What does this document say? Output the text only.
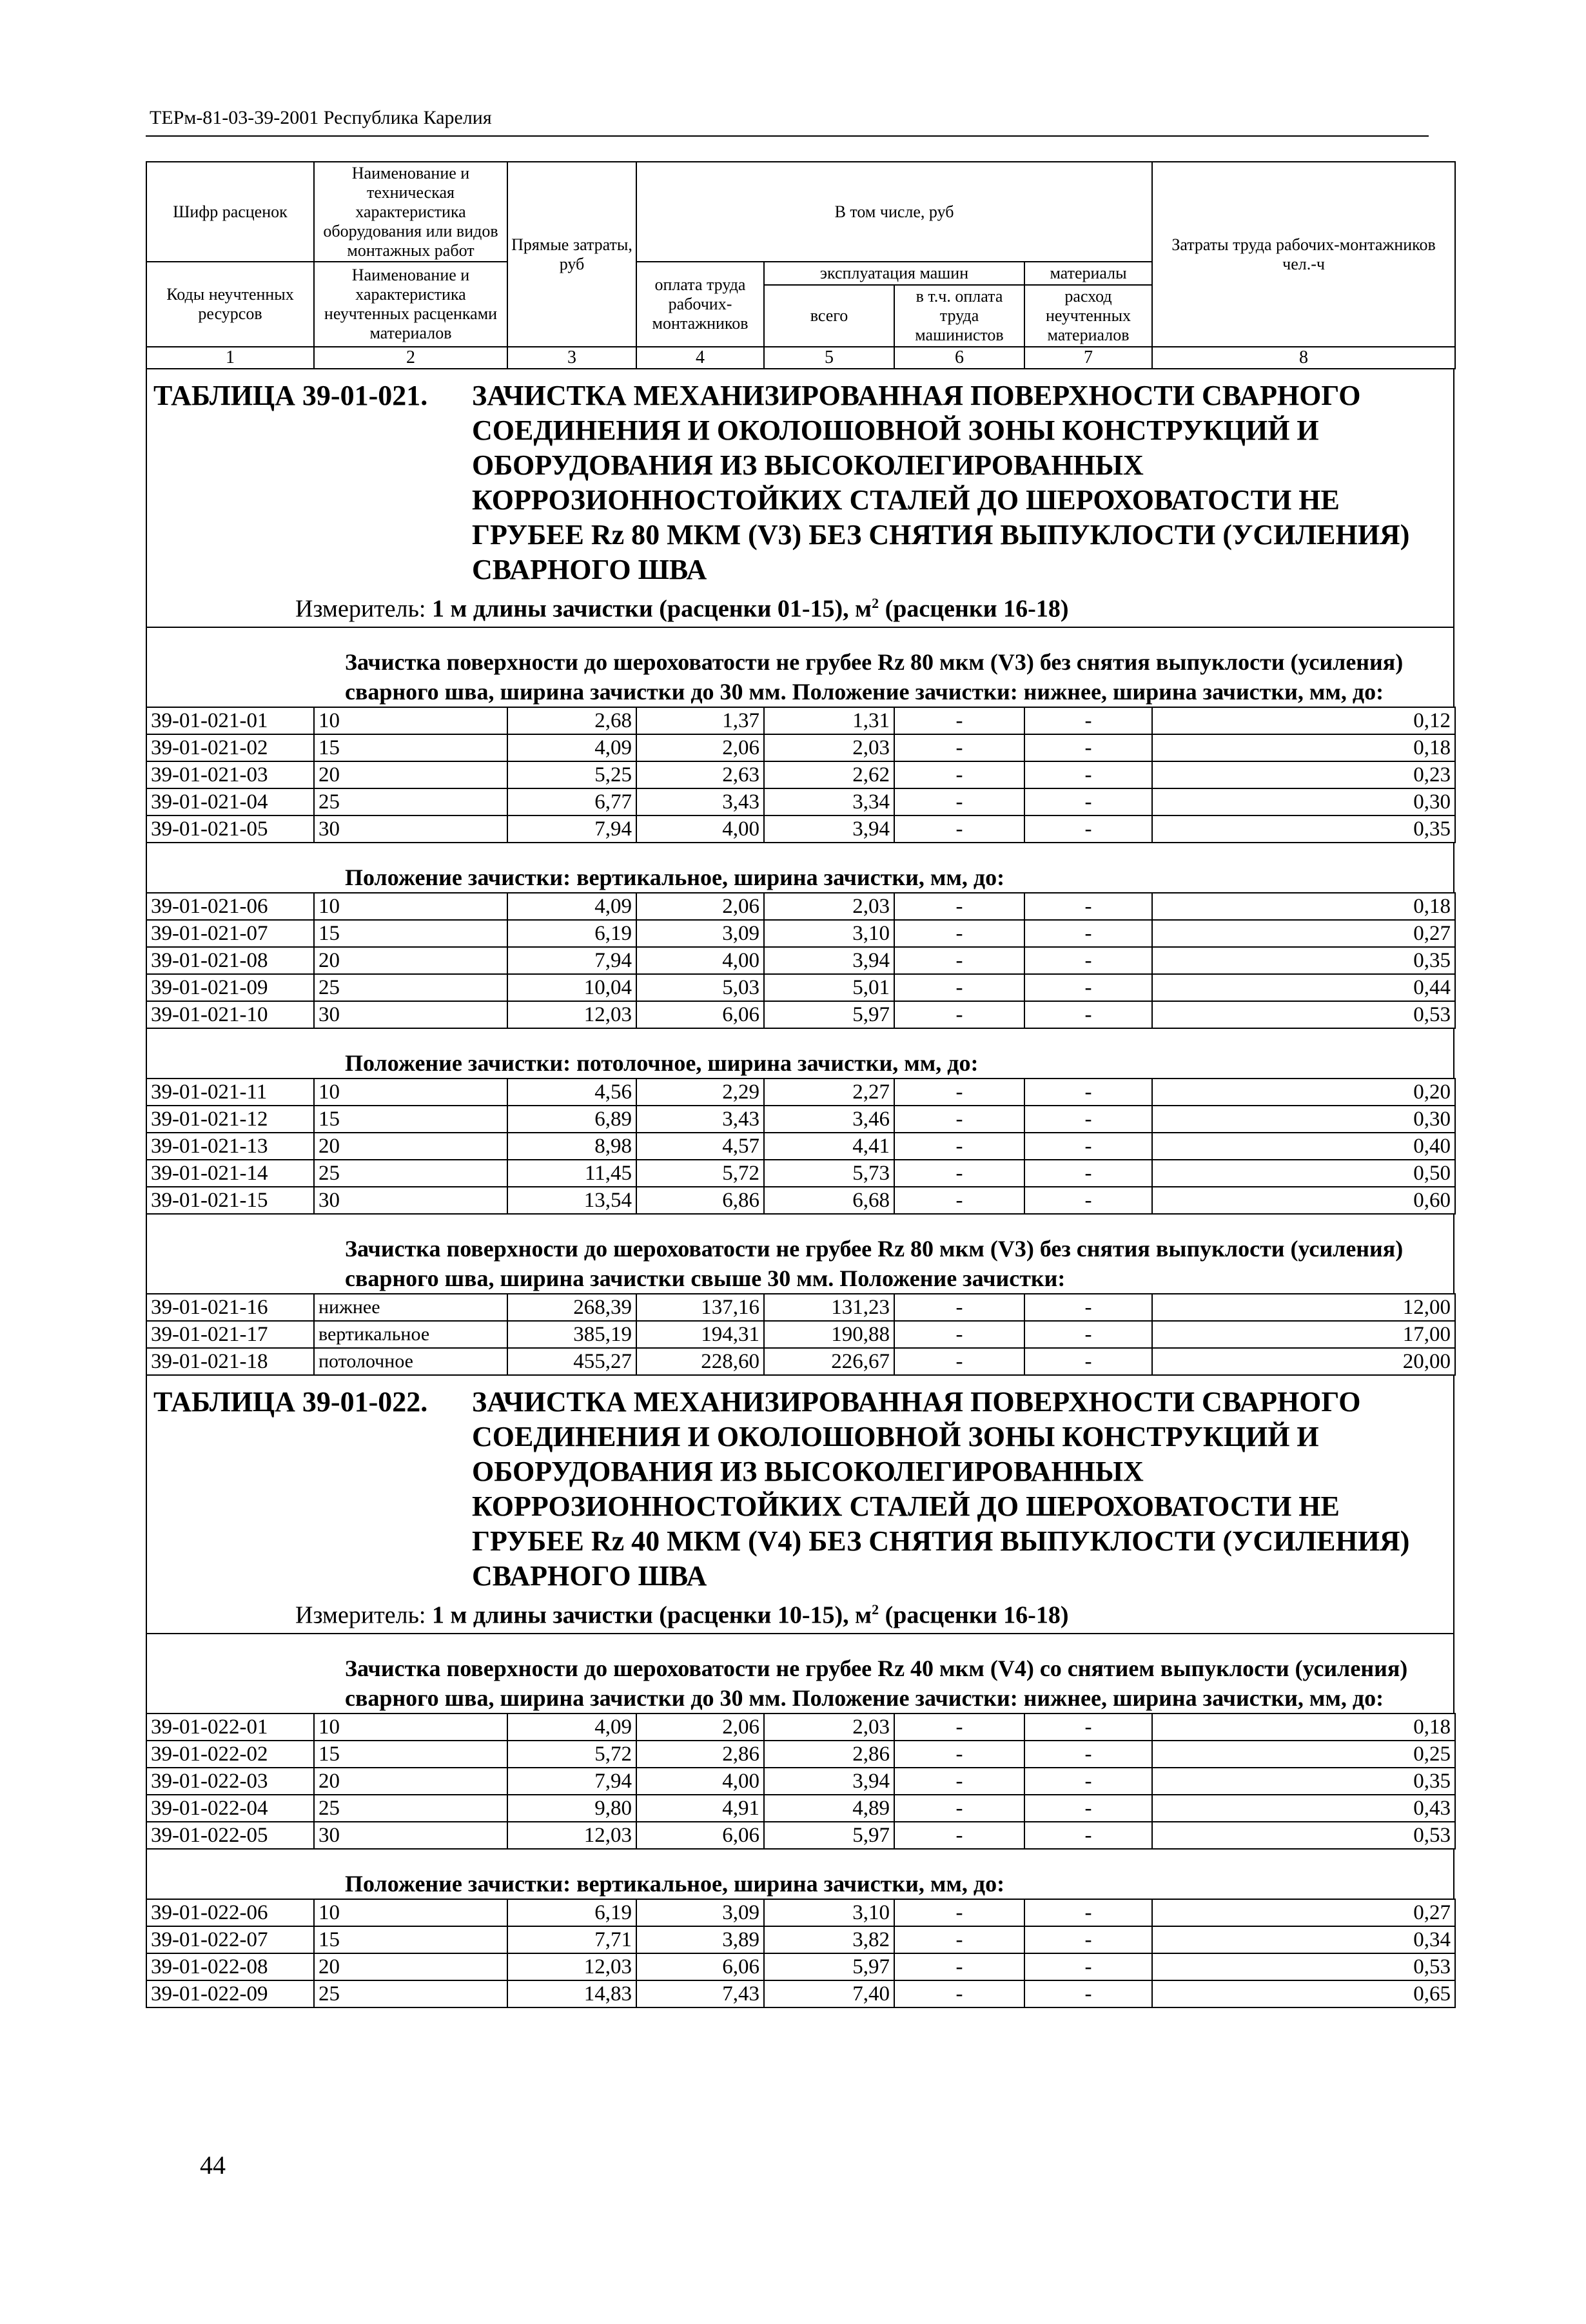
ТЕРм-81-03-39-2001 Республика Карелия
Шифр расценок	Наименование и техническая характеристика оборудования или видов монтажных работ	Прямые затраты, руб	В том числе, руб				Затраты труда рабочих-монтажников чел.-ч
Коды неучтенных ресурсов	Наименование и характеристика неучтенных расценками материалов		оплата труда рабочих-монтажников	эксплуатация машин		материалы	
				всего	в т.ч. оплата труда машинистов	расход неучтенных материалов	
1	2	3	4	5	6	7	8
ТАБЛИЦА 39-01-021. ЗАЧИСТКА МЕХАНИЗИРОВАННАЯ ПОВЕРХНОСТИ СВАРНОГО СОЕДИНЕНИЯ И ОКОЛОШОВНОЙ ЗОНЫ КОНСТРУКЦИЙ И ОБОРУДОВАНИЯ ИЗ ВЫСОКОЛЕГИРОВАННЫХ КОРРОЗИОННОСТОЙКИХ СТАЛЕЙ ДО ШЕРОХОВАТОСТИ НЕ ГРУБЕЕ Rz 80 МКМ (V3) БЕЗ СНЯТИЯ ВЫПУКЛОСТИ (УСИЛЕНИЯ) СВАРНОГО ШВА
Измеритель: 1 м длины зачистки (расценки 01-15), $м^2$ (расценки 16-18)
Зачистка поверхности до шероховатости не грубее Rz 80 мкм (V3) без снятия выпуклости (усиления) сварного шва, ширина зачистки до 30 мм. Положение зачистки: нижнее, ширина зачистки, мм, до:
39-01-021-01	10	2,68	1,37	1,31	-	-	0,12
39-01-021-02	15	4,09	2,06	2,03	-	-	0,18
39-01-021-03	20	5,25	2,63	2,62	-	-	0,23
39-01-021-04	25	6,77	3,43	3,34	-	-	0,30
39-01-021-05	30	7,94	4,00	3,94	-	-	0,35
Положение зачистки: вертикальное, ширина зачистки, мм, до:
39-01-021-06	10	4,09	2,06	2,03	-	-	0,18
39-01-021-07	15	6,19	3,09	3,10	-	-	0,27
39-01-021-08	20	7,94	4,00	3,94	-	-	0,35
39-01-021-09	25	10,04	5,03	5,01	-	-	0,44
39-01-021-10	30	12,03	6,06	5,97	-	-	0,53
Положение зачистки: потолочное, ширина зачистки, мм, до:
39-01-021-11	10	4,56	2,29	2,27	-	-	0,20
39-01-021-12	15	6,89	3,43	3,46	-	-	0,30
39-01-021-13	20	8,98	4,57	4,41	-	-	0,40
39-01-021-14	25	11,45	5,72	5,73	-	-	0,50
39-01-021-15	30	13,54	6,86	6,68	-	-	0,60
Зачистка поверхности до шероховатости не грубее Rz 80 мкм (V3) без снятия выпуклости (усиления) сварного шва, ширина зачистки свыше 30 мм. Положение зачистки:
39-01-021-16	нижнее	268,39	137,16	131,23	-	-	12,00
39-01-021-17	вертикальное	385,19	194,31	190,88	-	-	17,00
39-01-021-18	потолочное	455,27	228,60	226,67	-	-	20,00
ТАБЛИЦА 39-01-022. ЗАЧИСТКА МЕХАНИЗИРОВАННАЯ ПОВЕРХНОСТИ СВАРНОГО СОЕДИНЕНИЯ И ОКОЛОШОВНОЙ ЗОНЫ КОНСТРУКЦИЙ И ОБОРУДОВАНИЯ ИЗ ВЫСОКОЛЕГИРОВАННЫХ КОРРОЗИОННОСТОЙКИХ СТАЛЕЙ ДО ШЕРОХОВАТОСТИ НЕ ГРУБЕЕ Rz 40 МКМ (V4) БЕЗ СНЯТИЯ ВЫПУКЛОСТИ (УСИЛЕНИЯ) СВАРНОГО ШВА
Измеритель: 1 м длины зачистки (расценки 10-15), $м^2$ (расценки 16-18)
Зачистка поверхности до шероховатости не грубее Rz 40 мкм (V4) со снятием выпуклости (усиления) сварного шва, ширина зачистки до 30 мм. Положение зачистки: нижнее, ширина зачистки, мм, до:
39-01-022-01	10	4,09	2,06	2,03	-	-	0,18
39-01-022-02	15	5,72	2,86	2,86	-	-	0,25
39-01-022-03	20	7,94	4,00	3,94	-	-	0,35
39-01-022-04	25	9,80	4,91	4,89	-	-	0,43
39-01-022-05	30	12,03	6,06	5,97	-	-	0,53
Положение зачистки: вертикальное, ширина зачистки, мм, до:
39-01-022-06	10	6,19	3,09	3,10	-	-	0,27
39-01-022-07	15	7,71	3,89	3,82	-	-	0,34
39-01-022-08	20	12,03	6,06	5,97	-	-	0,53
39-01-022-09	25	14,83	7,43	7,40	-	-	0,65
44
